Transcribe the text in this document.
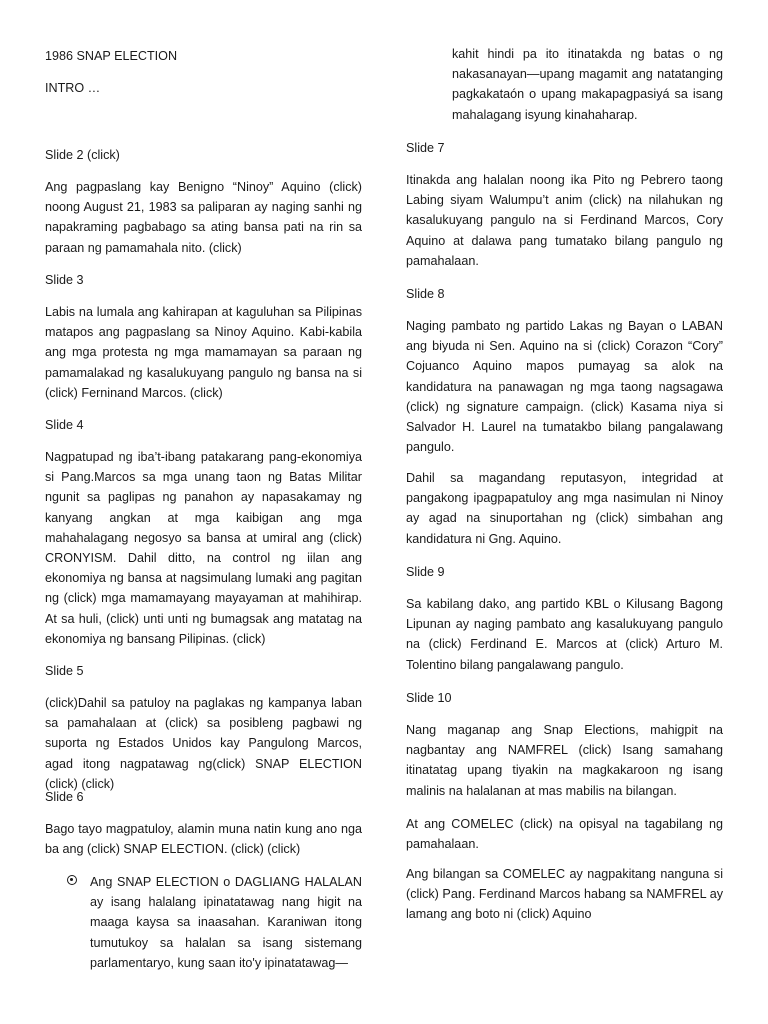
1986 SNAP ELECTION

INTRO …

Slide 2 (click)

Ang pagpaslang kay Benigno “Ninoy” Aquino (click) noong August 21, 1983 sa paliparan ay naging sanhi ng napakraming pagbabago sa ating bansa pati na rin sa paraan ng pamamahala nito. (click)

Slide 3

Labis na lumala ang kahirapan at kaguluhan sa Pilipinas matapos ang pagpaslang sa Ninoy Aquino. Kabi-kabila ang mga protesta ng mga mamamayan sa paraan ng pamamalakad ng kasalukuyang pangulo ng bansa na si (click) Ferninand Marcos. (click)

Slide 4

Nagpatupad ng iba’t-ibang patakarang pang-ekonomiya si Pang.Marcos sa mga unang taon ng Batas Militar ngunit sa paglipas ng panahon ay napasakamay ng kanyang angkan at mga kaibigan ang mga mahahalagang negosyo sa bansa at umiral ang (click) CRONYISM. Dahil ditto, na control ng iilan ang ekonomiya ng bansa at nagsimulang lumaki ang pagitan ng (click) mga mamamayang mayayaman at mahihirap. At sa huli, (click) unti unti ng bumagsak ang matatag na ekonomiya ng bansang Pilipinas. (click)

Slide 5

(click)Dahil sa patuloy na paglakas ng kampanya laban sa pamahalaan at (click) sa posibleng pagbawi ng suporta ng Estados Unidos kay Pangulong Marcos, agad itong nagpatawag ng(click) SNAP ELECTION (click) (click)

Slide 6

Bago tayo magpatuloy, alamin muna natin kung ano nga ba ang (click) SNAP ELECTION. (click) (click)

Ang SNAP ELECTION o DAGLIANG HALALAN ay isang halalang ipinatatawag nang higit na maaga kaysa sa inaasahan. Karaniwan itong tumutukoy sa halalan sa isang sistemang parlamentaryo, kung saan ito'y ipinatatawag—

kahit hindi pa ito itinatakda ng batas o ng nakasanayan—upang magamit ang natatanging pagkakataón o upang makapagpasiyá sa isang mahalagang isyung kinahaharap.

Slide 7

Itinakda ang halalan noong ika Pito ng Pebrero taong Labing siyam Walumpu’t anim (click) na nilahukan ng kasalukuyang pangulo na si Ferdinand Marcos, Cory Aquino at dalawa pang tumatako bilang pangulo ng pamahalaan.

Slide 8

Naging pambato ng partido Lakas ng Bayan o LABAN ang biyuda ni Sen. Aquino na si (click) Corazon “Cory” Cojuanco Aquino mapos pumayag sa alok na kandidatura na panawagan ng mga taong nagsagawa (click) ng signature campaign. (click) Kasama niya si Salvador H. Laurel na tumatakbo bilang pangalawang pangulo.

Dahil sa magandang reputasyon, integridad at pangakong ipagpapatuloy ang mga nasimulan ni Ninoy ay agad na sinuportahan ng (click) simbahan ang kandidatura ni Gng. Aquino.

Slide 9

Sa kabilang dako, ang partido KBL o Kilusang Bagong Lipunan ay naging pambato ang kasalukuyang pangulo na (click) Ferdinand E. Marcos at (click) Arturo M. Tolentino bilang pangalawang pangulo.

Slide 10

Nang maganap ang Snap Elections, mahigpit na nagbantay ang NAMFREL (click) Isang samahang itinatatag upang tiyakin na magkakaroon ng isang malinis na halalanan at mas mabilis na bilangan.

At ang COMELEC (click) na opisyal na tagabilang ng pamahalaan.

Ang bilangan sa COMELEC ay nagpakitang nanguna si (click) Pang. Ferdinand Marcos habang sa NAMFREL ay lamang ang boto ni (click) Aquino
